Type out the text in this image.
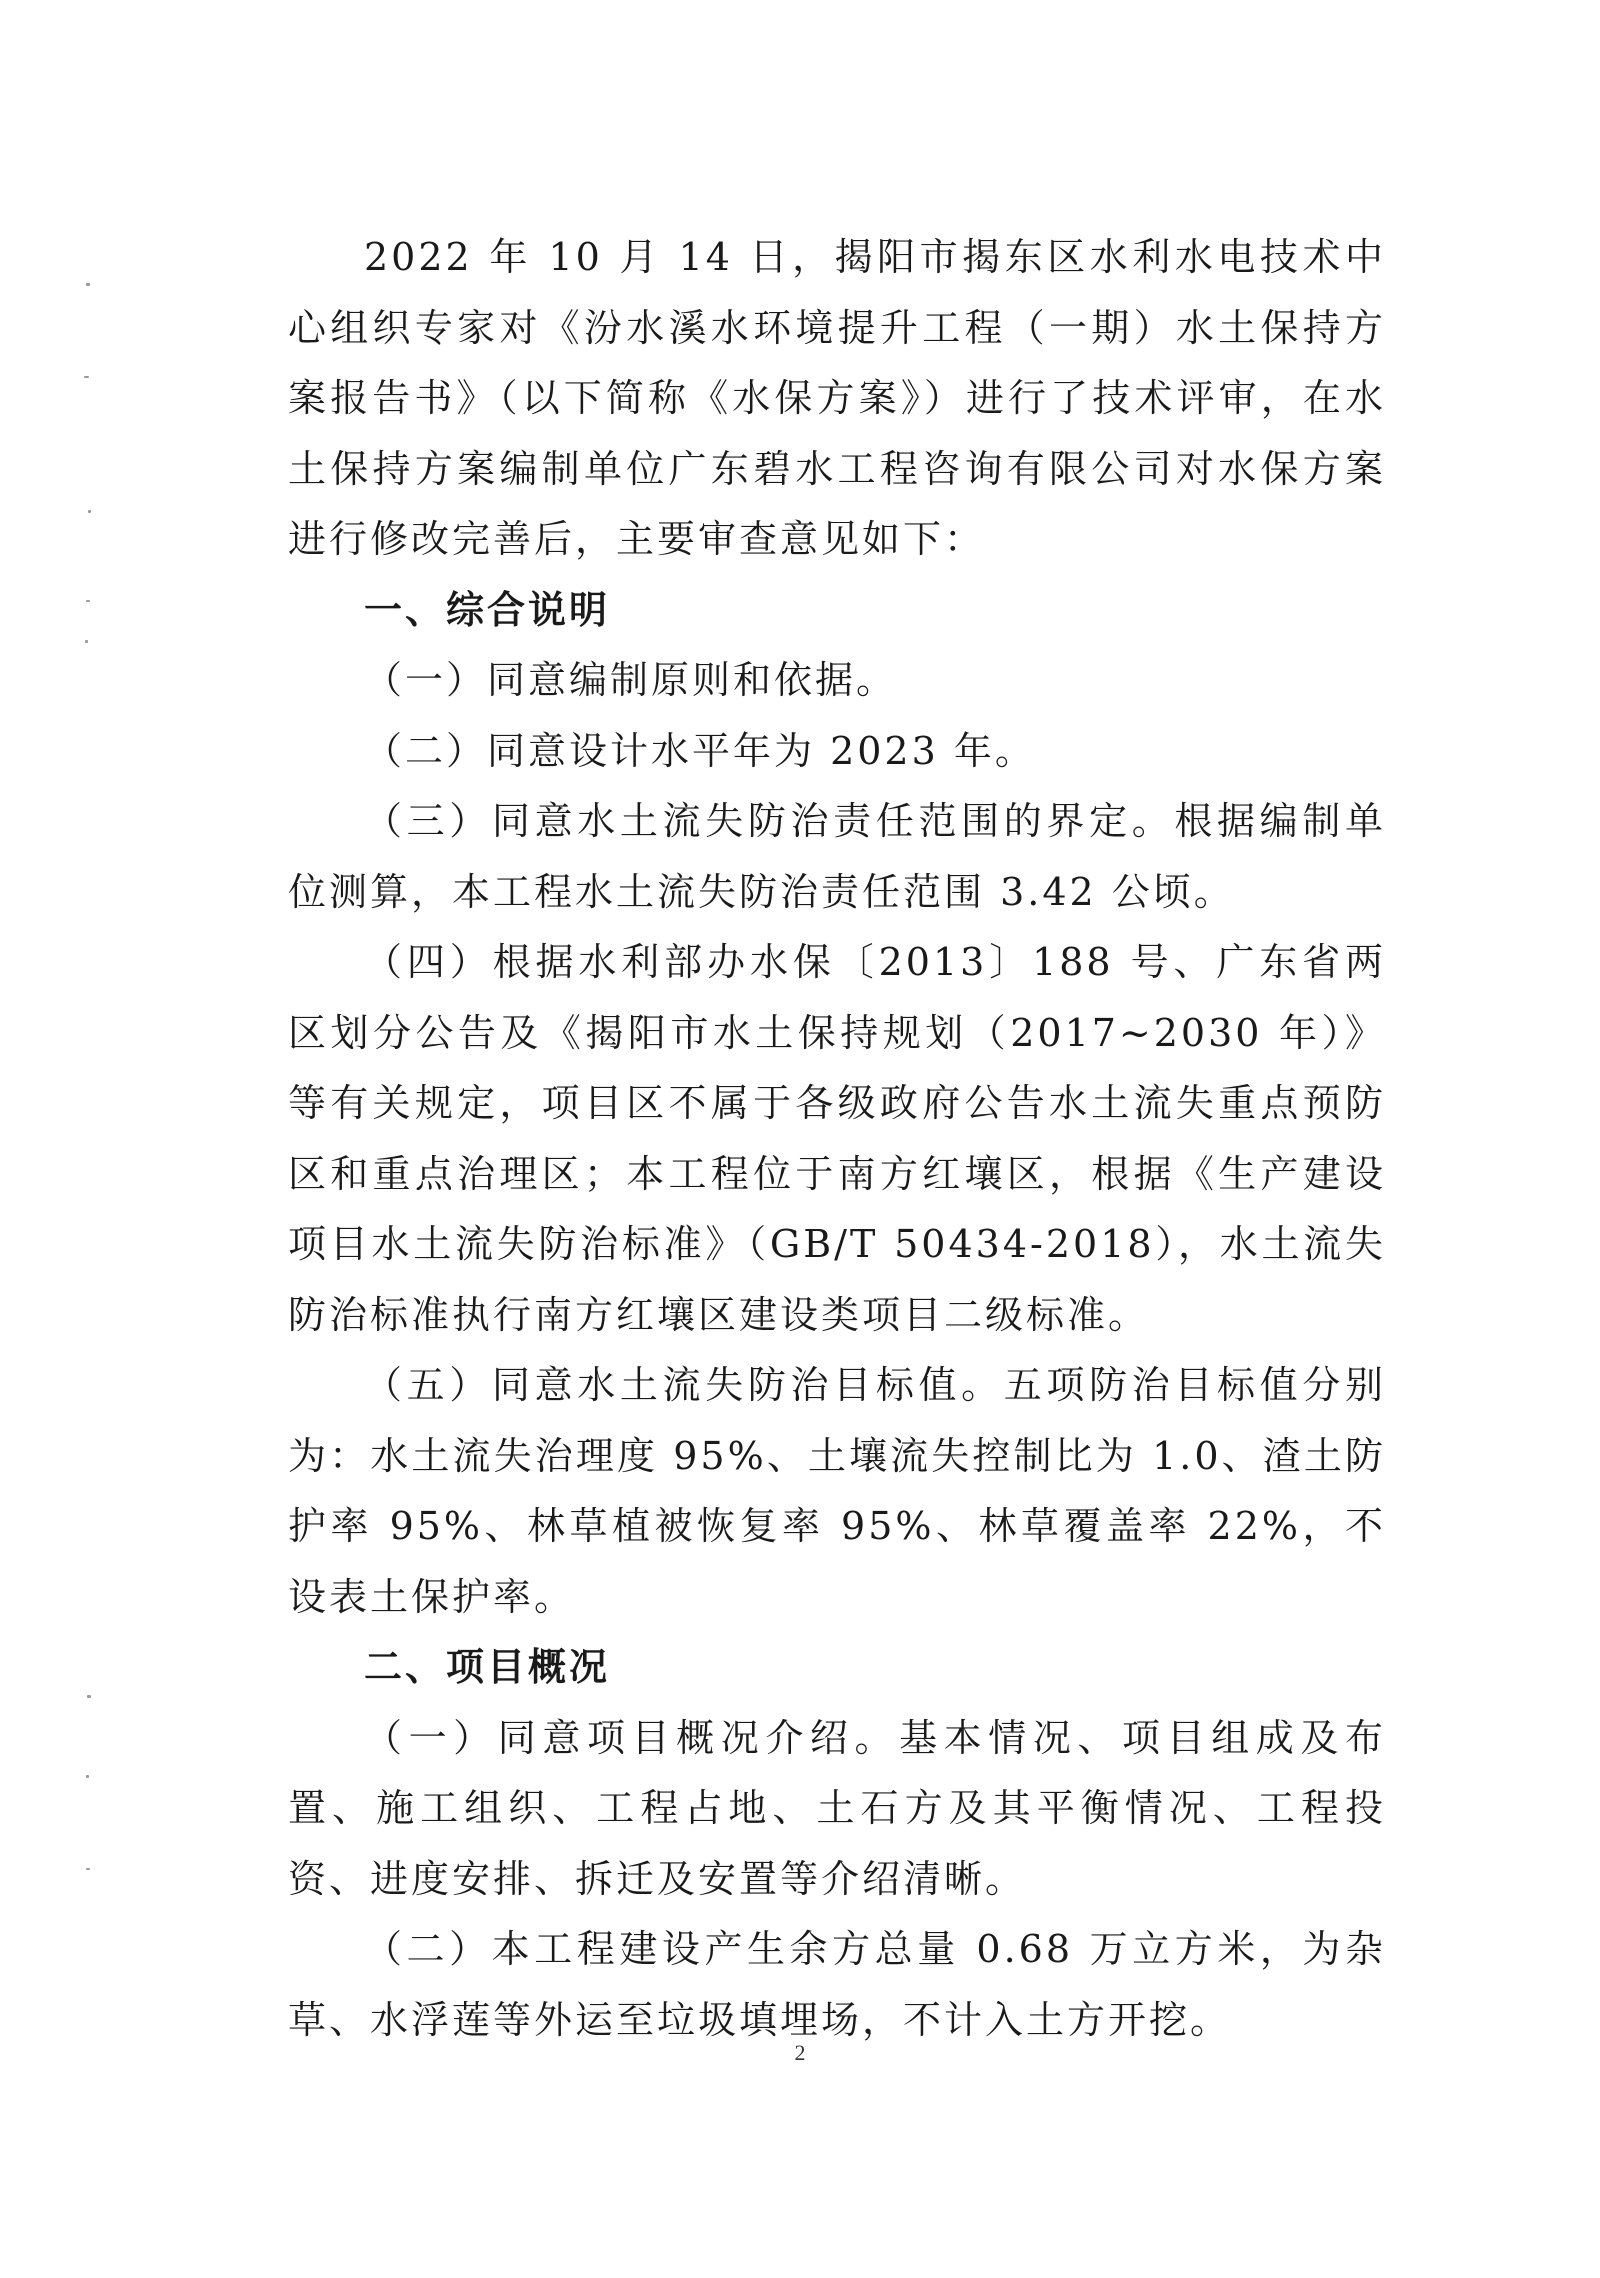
2022 年 10 月 14 日，揭阳市揭东区水利水电技术中心组织专家对《汾水溪水环境提升工程（一期）水土保持方案报告书》（以下简称《水保方案》）进行了技术评审，在水土保持方案编制单位广东碧水工程咨询有限公司对水保方案进行修改完善后，主要审查意见如下：

一、综合说明

（一）同意编制原则和依据。

（二）同意设计水平年为 2023 年。

（三）同意水土流失防治责任范围的界定。根据编制单位测算，本工程水土流失防治责任范围 3.42 公顷。

（四）根据水利部办水保〔2013〕188 号、广东省两区划分公告及《揭阳市水土保持规划（2017~2030 年）》等有关规定，项目区不属于各级政府公告水土流失重点预防区和重点治理区；本工程位于南方红壤区，根据《生产建设项目水土流失防治标准》（GB/T 50434-2018），水土流失防治标准执行南方红壤区建设类项目二级标准。

（五）同意水土流失防治目标值。五项防治目标值分别为：水土流失治理度 95%、土壤流失控制比为 1.0、渣土防护率 95%、林草植被恢复率 95%、林草覆盖率 22%，不设表土保护率。

二、项目概况

（一）同意项目概况介绍。基本情况、项目组成及布置、施工组织、工程占地、土石方及其平衡情况、工程投资、进度安排、拆迁及安置等介绍清晰。

（二）本工程建设产生余方总量 0.68 万立方米，为杂草、水浮莲等外运至垃圾填埋场，不计入土方开挖。

2
